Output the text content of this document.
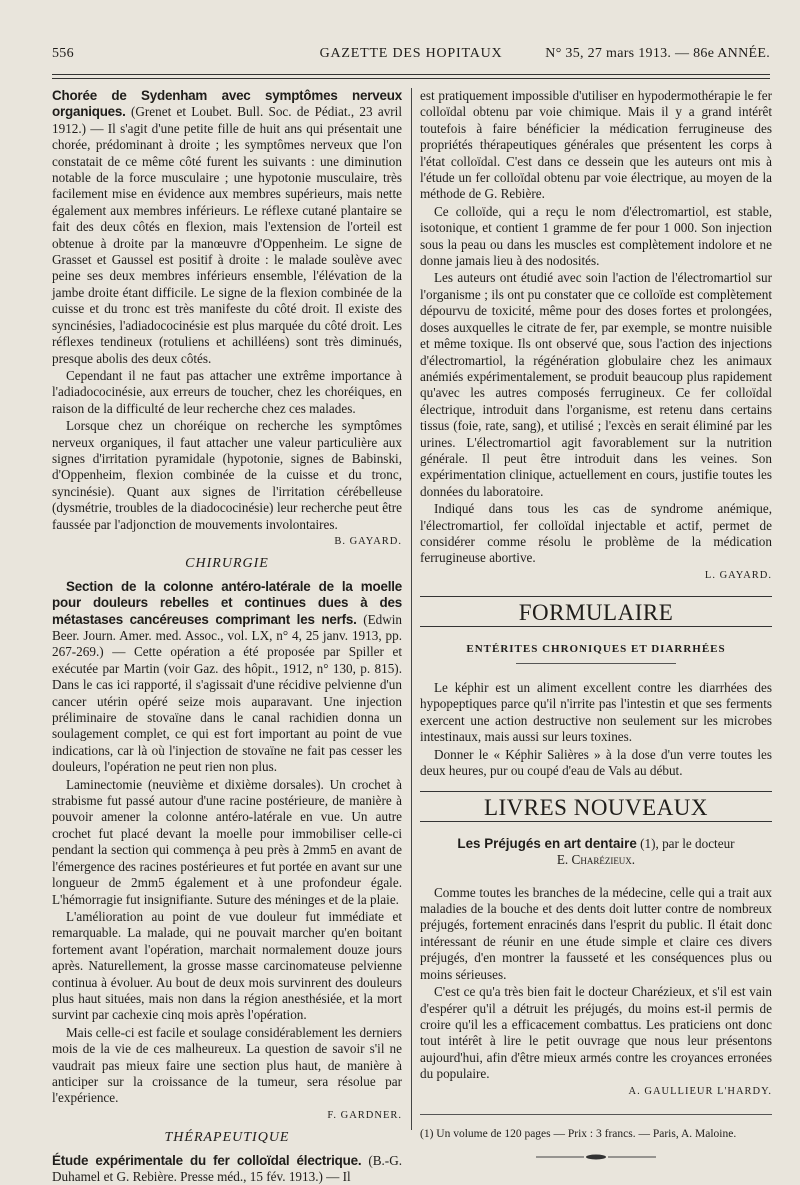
556	GAZETTE DES HOPITAUX	N° 35, 27 mars 1913. — 86e ANNÉE.

Chorée de Sydenham avec symptômes nerveux organiques. (Grenet et Loubet. Bull. Soc. de Pédiat., 23 avril 1912.) — Il s'agit d'une petite fille de huit ans qui présentait une chorée, prédominant à droite ; les symptômes nerveux que l'on constatait de ce même côté furent les suivants : une diminution notable de la force musculaire ; une hypotonie musculaire, très facilement mise en évidence aux membres supérieurs, mais nette également aux membres inférieurs. Le réflexe cutané plantaire se fait des deux côtés en flexion, mais l'extension de l'orteil est obtenue à droite par la manœuvre d'Oppenheim. Le signe de Grasset et Gaussel est positif à droite : le malade soulève avec peine ses deux membres inférieurs ensemble, l'élévation de la jambe droite étant difficile. Le signe de la flexion combinée de la cuisse et du tronc est très manifeste du côté droit. Il existe des syncinésies, l'adiadococinésie est plus marquée du côté droit. Les réflexes tendineux (rotuliens et achilléens) sont très diminués, presque abolis des deux côtés.

Cependant il ne faut pas attacher une extrême importance à l'adiadococinésie, aux erreurs de toucher, chez les choréiques, en raison de la difficulté de leur recherche chez ces malades.

Lorsque chez un choréique on recherche les symptômes nerveux organiques, il faut attacher une valeur particulière aux signes d'irritation pyramidale (hypotonie, signes de Babinski, d'Oppenheim, flexion combinée de la cuisse et du tronc, syncinésie). Quant aux signes de l'irritation cérébelleuse (dysmétrie, troubles de la diadococinésie) leur recherche peut être faussée par l'adjonction de mouvements involontaires.

B. GAYARD.

CHIRURGIE

Section de la colonne antéro-latérale de la moelle pour douleurs rebelles et continues dues à des métastases cancéreuses comprimant les nerfs. (Edwin Beer. Journ. Amer. med. Assoc., vol. LX, n° 4, 25 janv. 1913, pp. 267-269.) — Cette opération a été proposée par Spiller et exécutée par Martin (voir Gaz. des hôpit., 1912, n° 130, p. 815). Dans le cas ici rapporté, il s'agissait d'une récidive pelvienne d'un cancer utérin opéré seize mois auparavant. Une injection préliminaire de stovaïne dans le canal rachidien donna un soulagement complet, ce qui est fort important au point de vue indications, car là où l'injection de stovaïne ne fait pas cesser les douleurs, l'opération ne peut rien non plus.

Laminectomie (neuvième et dixième dorsales). Un crochet à strabisme fut passé autour d'une racine postérieure, de manière à pouvoir amener la colonne antéro-latérale en vue. Un autre crochet fut placé devant la moelle pour immobiliser celle-ci pendant la section qui commença à peu près à 2mm5 en avant de l'émergence des racines postérieures et fut portée en avant sur une longueur de 2mm5 également et à une profondeur égale. L'hémorragie fut insignifiante. Suture des méninges et de la plaie.

L'amélioration au point de vue douleur fut immédiate et remarquable. La malade, qui ne pouvait marcher qu'en boitant fortement avant l'opération, marchait normalement douze jours après. Naturellement, la grosse masse carcinomateuse pelvienne continua à évoluer. Au bout de deux mois survinrent des douleurs plus haut situées, mais non dans la région anesthésiée, et la mort survint par cachexie cinq mois après l'opération.

Mais celle-ci est facile et soulage considérablement les derniers mois de la vie de ces malheureux. La question de savoir s'il ne vaudrait pas mieux faire une section plus haut, de manière à anticiper sur la croissance de la tumeur, sera résolue par l'expérience.

F. GARDNER.

THÉRAPEUTIQUE

Étude expérimentale du fer colloïdal électrique. (B.-G. Duhamel et G. Rebière. Presse méd., 15 fév. 1913.) — Il

est pratiquement impossible d'utiliser en hypodermothérapie le fer colloïdal obtenu par voie chimique. Mais il y a grand intérêt toutefois à faire bénéficier la médication ferrugineuse des propriétés thérapeutiques générales que présentent les corps à l'état colloïdal. C'est dans ce dessein que les auteurs ont mis à l'étude un fer colloïdal obtenu par voie électrique, au moyen de la méthode de G. Rebière.

Ce colloïde, qui a reçu le nom d'électromartiol, est stable, isotonique, et contient 1 gramme de fer pour 1 000. Son injection sous la peau ou dans les muscles est complètement indolore et ne donne jamais lieu à des nodosités.

Les auteurs ont étudié avec soin l'action de l'électromartiol sur l'organisme ; ils ont pu constater que ce colloïde est complètement dépourvu de toxicité, même pour des doses fortes et prolongées, doses auxquelles le citrate de fer, par exemple, se montre nuisible et même toxique. Ils ont observé que, sous l'action des injections d'électromartiol, la régénération globulaire chez les animaux anémiés expérimentalement, se produit beaucoup plus rapidement qu'avec les autres composés ferrugineux. Ce fer colloïdal électrique, introduit dans l'organisme, est retenu dans certains tissus (foie, rate, sang), et utilisé ; l'excès en serait éliminé par les urines. L'électromartiol agit favorablement sur la nutrition générale. Il peut être introduit dans les veines. Son expérimentation clinique, actuellement en cours, justifie toutes les données du laboratoire.

Indiqué dans tous les cas de syndrome anémique, l'électromartiol, fer colloïdal injectable et actif, permet de considérer comme résolu le problème de la médication ferrugineuse abortive.

L. GAYARD.

FORMULAIRE
ENTÉRITES CHRONIQUES ET DIARRHÉES

Le képhir est un aliment excellent contre les diarrhées des hypopeptiques parce qu'il n'irrite pas l'intestin et que ses ferments exercent une action destructive non seulement sur les microbes intestinaux, mais aussi sur leurs toxines.

Donner le « Képhir Salières » à la dose d'un verre toutes les deux heures, pur ou coupé d'eau de Vals au début.

LIVRES NOUVEAUX
Les Préjugés en art dentaire (1), par le docteur
E. Charézieux.

Comme toutes les branches de la médecine, celle qui a trait aux maladies de la bouche et des dents doit lutter contre de nombreux préjugés, fortement enracinés dans l'esprit du public. Il était donc intéressant de réunir en une étude simple et claire ces divers préjugés, d'en montrer la fausseté et les conséquences plus ou moins sérieuses.

C'est ce qu'a très bien fait le docteur Charézieux, et s'il est vain d'espérer qu'il a détruit les préjugés, du moins est-il permis de croire qu'il les a efficacement combattus. Les praticiens ont donc tout intérêt à lire le petit ouvrage que nous leur présentons aujourd'hui, afin d'être mieux armés contre les croyances erronées du populaire.

A. GAULLIEUR L'HARDY.

(1) Un volume de 120 pages — Prix : 3 francs. — Paris, A. Maloine.
